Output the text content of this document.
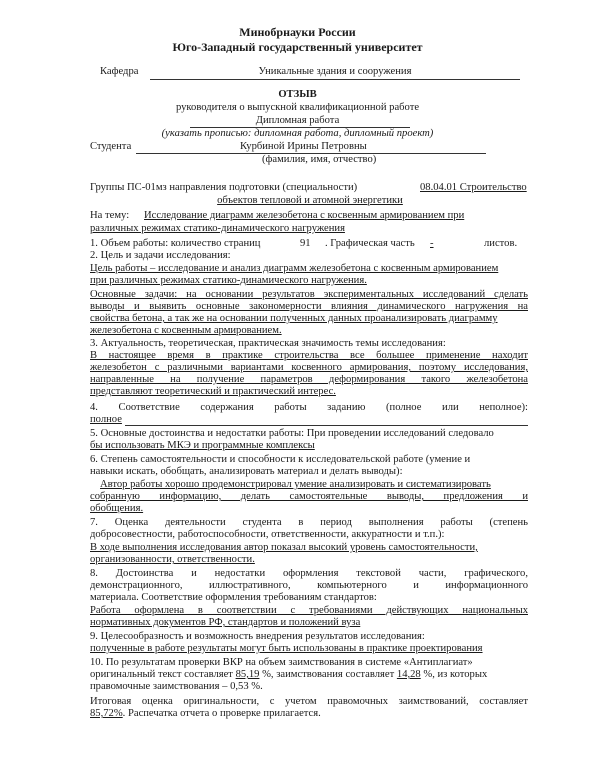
Минобрнауки России
Юго-Западный государственный университет
Кафедра	Уникальные здания и сооружения
ОТЗЫВ
руководителя о выпускной квалификационной работе
Дипломная работа
(указать прописью: дипломная работа, дипломный проект)
Студента	Курбиной Ирины Петровны
(фамилия, имя, отчество)
Группы ПС-01мз направления подготовки (специальности)	08.04.01 Строительство
объектов тепловой и атомной энергетики
На тему: Исследование диаграмм железобетона с косвенным армированием при
различных режимах статико-динамического нагружения
1. Объем работы: количество страниц	91 . Графическая часть -	листов.
2. Цель и задачи исследования:
Цель работы – исследование и анализ диаграмм железобетона с косвенным армированием
при различных режимах статико-динамического нагружения.
Основные задачи: на основании результатов экспериментальных исследований сделать
выводы и выявить основные закономерности влияния динамического нагружения на
свойства бетона, а так же на основании полученных данных проанализировать диаграмму
железобетона с косвенным армированием.
3. Актуальность, теоретическая, практическая значимость темы исследования:
В настоящее время в практике строительства все большее применение находит
железобетон с различными вариантами косвенного армирования, поэтому исследования,
направленные на получение параметров деформирования такого железобетона
представляют теоретический и практический интерес.
4. Соответствие содержания работы заданию (полное или неполное):
полное
5. Основные достоинства и недостатки работы: При проведении исследований следовало
бы использовать МКЭ и программные комплексы
6. Степень самостоятельности и способности к исследовательской работе (умение и
навыки искать, обобщать, анализировать материал и делать выводы):
Автор работы хорошо продемонстрировал умение анализировать и систематизировать
собранную информацию, делать самостоятельные выводы, предложения и
обобщения.
7. Оценка деятельности студента в период выполнения работы (степень
добросовестности, работоспособности, ответственности, аккуратности и т.п.):
В ходе выполнения исследования автор показал высокий уровень самостоятельности,
организованности, ответственности.
8. Достоинства и недостатки оформления текстовой части, графического,
демонстрационного, иллюстративного, компьютерного и информационного
материала. Соответствие оформления требованиям стандартов:
Работа оформлена в соответствии с требованиями действующих национальных
нормативных документов РФ, стандартов и положений вуза
9. Целесообразность и возможность внедрения результатов исследования:
полученные в работе результаты могут быть использованы в практике проектирования
10. По результатам проверки ВКР на объем заимствования в системе «Антиплагиат»
оригинальный текст составляет 85,19 %, заимствования составляет 14,28 %, из которых
правомочные заимствования – 0,53 %.
Итоговая оценка оригинальности, с учетом правомочных заимствований, составляет
85,72%. Распечатка отчета о проверке прилагается.
